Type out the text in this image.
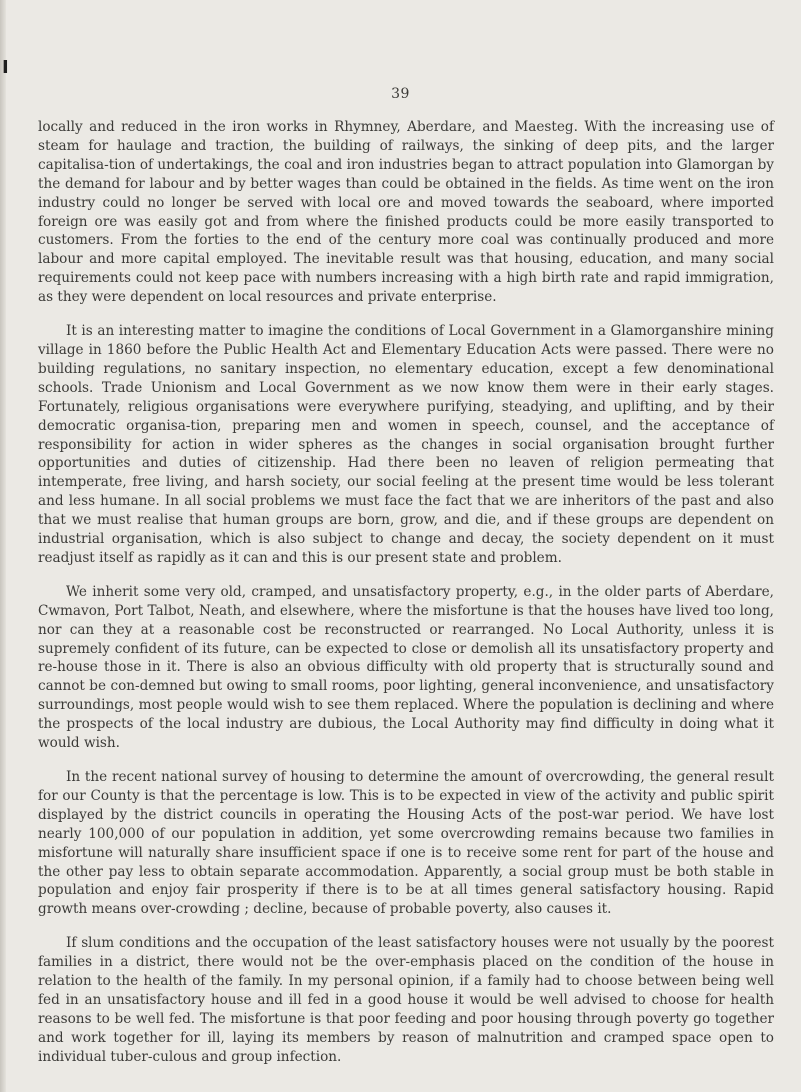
I
39

locally and reduced in the iron works in Rhymney, Aberdare, and Maesteg. With the increasing use of steam for haulage and traction, the building of railways, the sinking of deep pits, and the larger capitalisa-tion of undertakings, the coal and iron industries began to attract population into Glamorgan by the demand for labour and by better wages than could be obtained in the fields. As time went on the iron industry could no longer be served with local ore and moved towards the seaboard, where imported foreign ore was easily got and from where the finished products could be more easily transported to customers. From the forties to the end of the century more coal was continually produced and more labour and more capital employed. The inevitable result was that housing, education, and many social requirements could not keep pace with numbers increasing with a high birth rate and rapid immigration, as they were dependent on local resources and private enterprise.

It is an interesting matter to imagine the conditions of Local Government in a Glamorganshire mining village in 1860 before the Public Health Act and Elementary Education Acts were passed. There were no building regulations, no sanitary inspection, no elementary education, except a few denominational schools. Trade Unionism and Local Government as we now know them were in their early stages. Fortunately, religious organisations were everywhere purifying, steadying, and uplifting, and by their democratic organisa-tion, preparing men and women in speech, counsel, and the acceptance of responsibility for action in wider spheres as the changes in social organisation brought further opportunities and duties of citizenship. Had there been no leaven of religion permeating that intemperate, free living, and harsh society, our social feeling at the present time would be less tolerant and less humane. In all social problems we must face the fact that we are inheritors of the past and also that we must realise that human groups are born, grow, and die, and if these groups are dependent on industrial organisation, which is also subject to change and decay, the society dependent on it must readjust itself as rapidly as it can and this is our present state and problem.

We inherit some very old, cramped, and unsatisfactory property, e.g., in the older parts of Aberdare, Cwmavon, Port Talbot, Neath, and elsewhere, where the misfortune is that the houses have lived too long, nor can they at a reasonable cost be reconstructed or rearranged. No Local Authority, unless it is supremely confident of its future, can be expected to close or demolish all its unsatisfactory property and re-house those in it. There is also an obvious difficulty with old property that is structurally sound and cannot be con-demned but owing to small rooms, poor lighting, general inconvenience, and unsatisfactory surroundings, most people would wish to see them replaced. Where the population is declining and where the prospects of the local industry are dubious, the Local Authority may find difficulty in doing what it would wish.

In the recent national survey of housing to determine the amount of overcrowding, the general result for our County is that the percentage is low. This is to be expected in view of the activity and public spirit displayed by the district councils in operating the Housing Acts of the post-war period. We have lost nearly 100,000 of our population in addition, yet some overcrowding remains because two families in misfortune will naturally share insufficient space if one is to receive some rent for part of the house and the other pay less to obtain separate accommodation. Apparently, a social group must be both stable in population and enjoy fair prosperity if there is to be at all times general satisfactory housing. Rapid growth means over-crowding ; decline, because of probable poverty, also causes it.

If slum conditions and the occupation of the least satisfactory houses were not usually by the poorest families in a district, there would not be the over-emphasis placed on the condition of the house in relation to the health of the family. In my personal opinion, if a family had to choose between being well fed in an unsatisfactory house and ill fed in a good house it would be well advised to choose for health reasons to be well fed. The misfortune is that poor feeding and poor housing through poverty go together and work together for ill, laying its members by reason of malnutrition and cramped space open to individual tuber-culous and group infection.
